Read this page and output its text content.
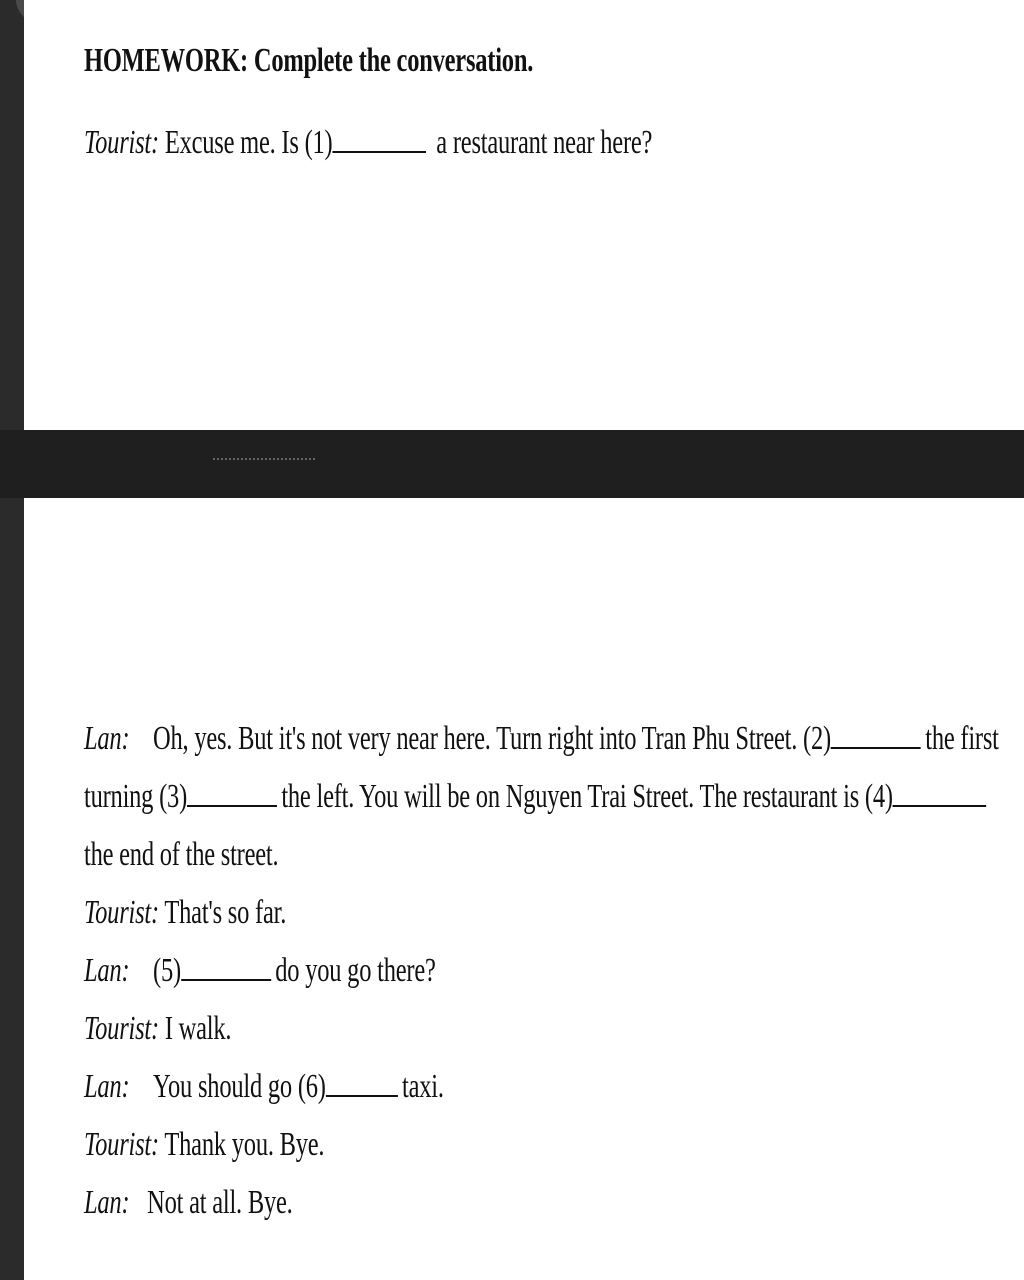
HOMEWORK: Complete the conversation.
Tourist: Excuse me. Is (1)	a restaurant near here?
Lan: Oh, yes. But it's not very near here. Turn right into Tran Phu Street. (2)	the first
turning (3)	the left. You will be on Nguyen Trai Street. The restaurant is (4)
the end of the street.
Tourist: That's so far.
Lan: (5)	do you go there?
Tourist: I walk.
Lan: You should go (6) taxi.
Tourist: Thank you. Bye.
Lan: Not at all. Bye.
